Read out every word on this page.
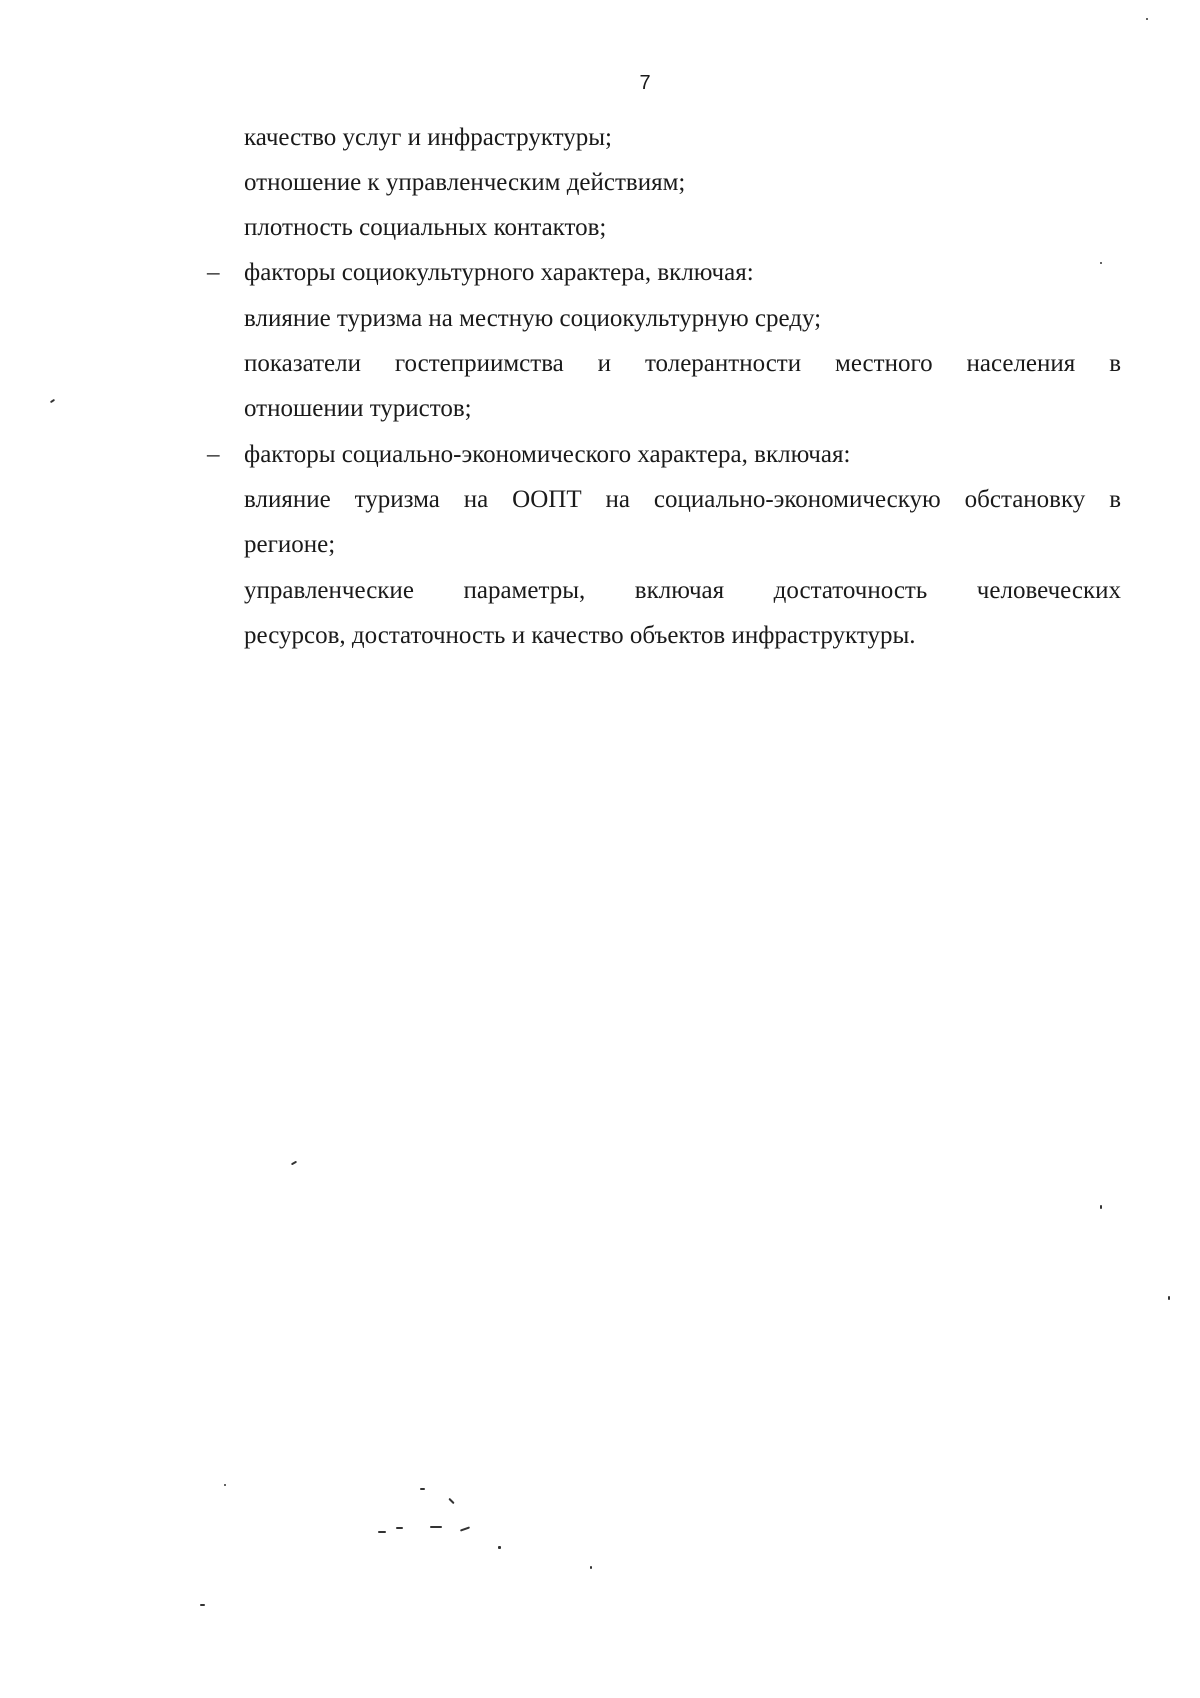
7
качество услуг и инфраструктуры;
отношение к управленческим действиям;
плотность социальных контактов;
– факторы социокультурного характера, включая:
влияние туризма на местную социокультурную среду;
показатели гостеприимства и толерантности местного населения в
отношении туристов;
– факторы социально-экономического характера, включая:
влияние туризма на ООПТ на социально-экономическую обстановку в
регионе;
управленческие параметры, включая достаточность человеческих
ресурсов, достаточность и качество объектов инфраструктуры.
